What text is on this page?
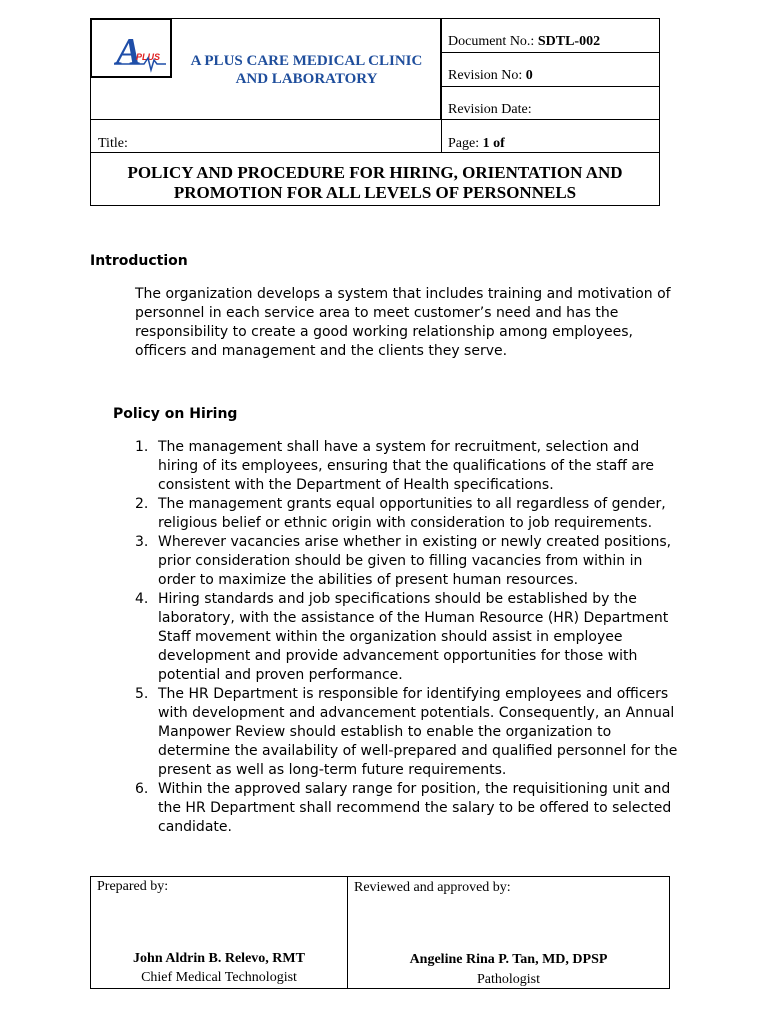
A
PLUS	A PLUS CARE MEDICAL CLINIC
AND LABORATORY
Document No.: SDTL-002
Revision No: 0
Revision Date:
Title:	Page: 1 of
POLICY AND PROCEDURE FOR HIRING, ORIENTATION AND
PROMOTION FOR ALL LEVELS OF PERSONNELS
Introduction
The organization develops a system that includes training and motivation of personnel in each service area to meet customer’s need and has the responsibility to create a good working relationship among employees, officers and management and the clients they serve.
Policy on Hiring
1. The management shall have a system for recruitment, selection and hiring of its employees, ensuring that the qualifications of the staff are consistent with the Department of Health specifications.
2. The management grants equal opportunities to all regardless of gender, religious belief or ethnic origin with consideration to job requirements.
3. Wherever vacancies arise whether in existing or newly created positions, prior consideration should be given to filling vacancies from within in order to maximize the abilities of present human resources.
4. Hiring standards and job specifications should be established by the laboratory, with the assistance of the Human Resource (HR) Department Staff movement within the organization should assist in employee development and provide advancement opportunities for those with potential and proven performance.
5. The HR Department is responsible for identifying employees and officers with development and advancement potentials. Consequently, an Annual Manpower Review should establish to enable the organization to determine the availability of well-prepared and qualified personnel for the present as well as long-term future requirements.
6. Within the approved salary range for position, the requisitioning unit and the HR Department shall recommend the salary to be offered to selected candidate.
Prepared by:
John Aldrin B. Relevo, RMT
Chief Medical Technologist
Reviewed and approved by:
Angeline Rina P. Tan, MD, DPSP
Pathologist
